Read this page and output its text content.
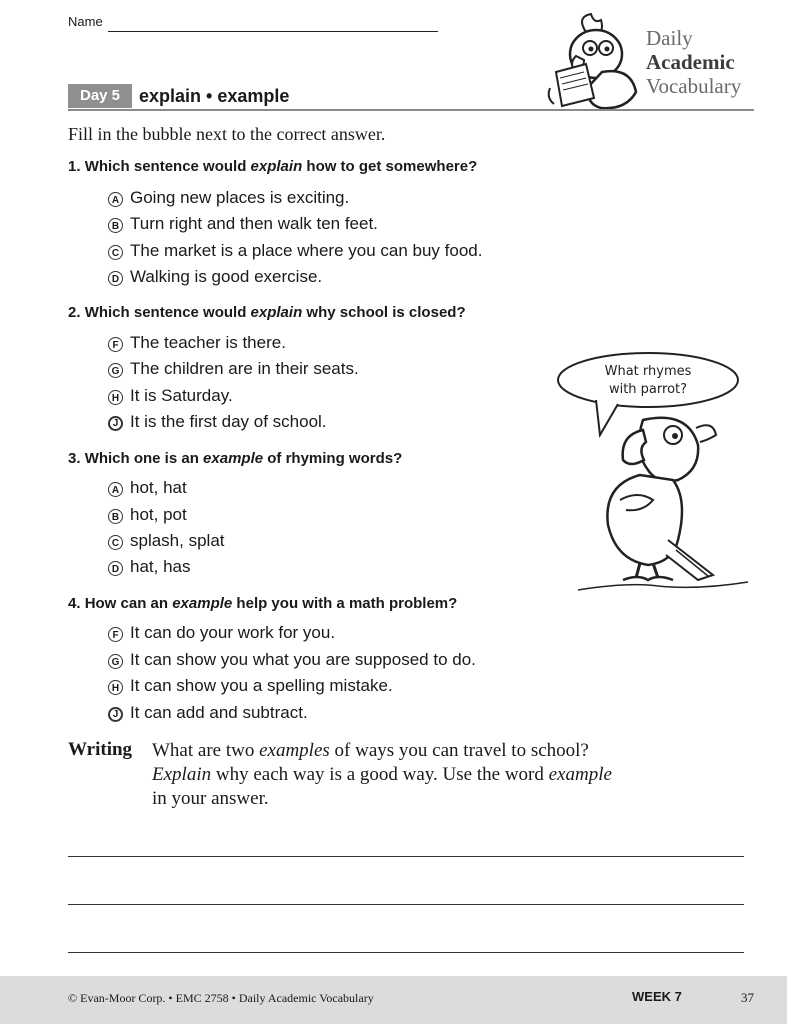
Name
Daily
Academic
Vocabulary
Day 5	explain • example
Fill in the bubble next to the correct answer.
1. Which sentence would explain how to get somewhere?
A Going new places is exciting.
B Turn right and then walk ten feet.
C The market is a place where you can buy food.
D Walking is good exercise.
2. Which sentence would explain why school is closed?
F The teacher is there.
G The children are in their seats.
H It is Saturday.
J It is the first day of school.
3. Which one is an example of rhyming words?
A hot, hat
B hot, pot
C splash, splat
D hat, has
4. How can an example help you with a math problem?
F It can do your work for you.
G It can show you what you are supposed to do.
H It can show you a spelling mistake.
J It can add and subtract.
What rhymes
with parrot?
Writing What are two examples of ways you can travel to school?
Explain why each way is a good way. Use the word example
in your answer.
© Evan-Moor Corp. • EMC 2758 • Daily Academic Vocabulary	WEEK 7	37
